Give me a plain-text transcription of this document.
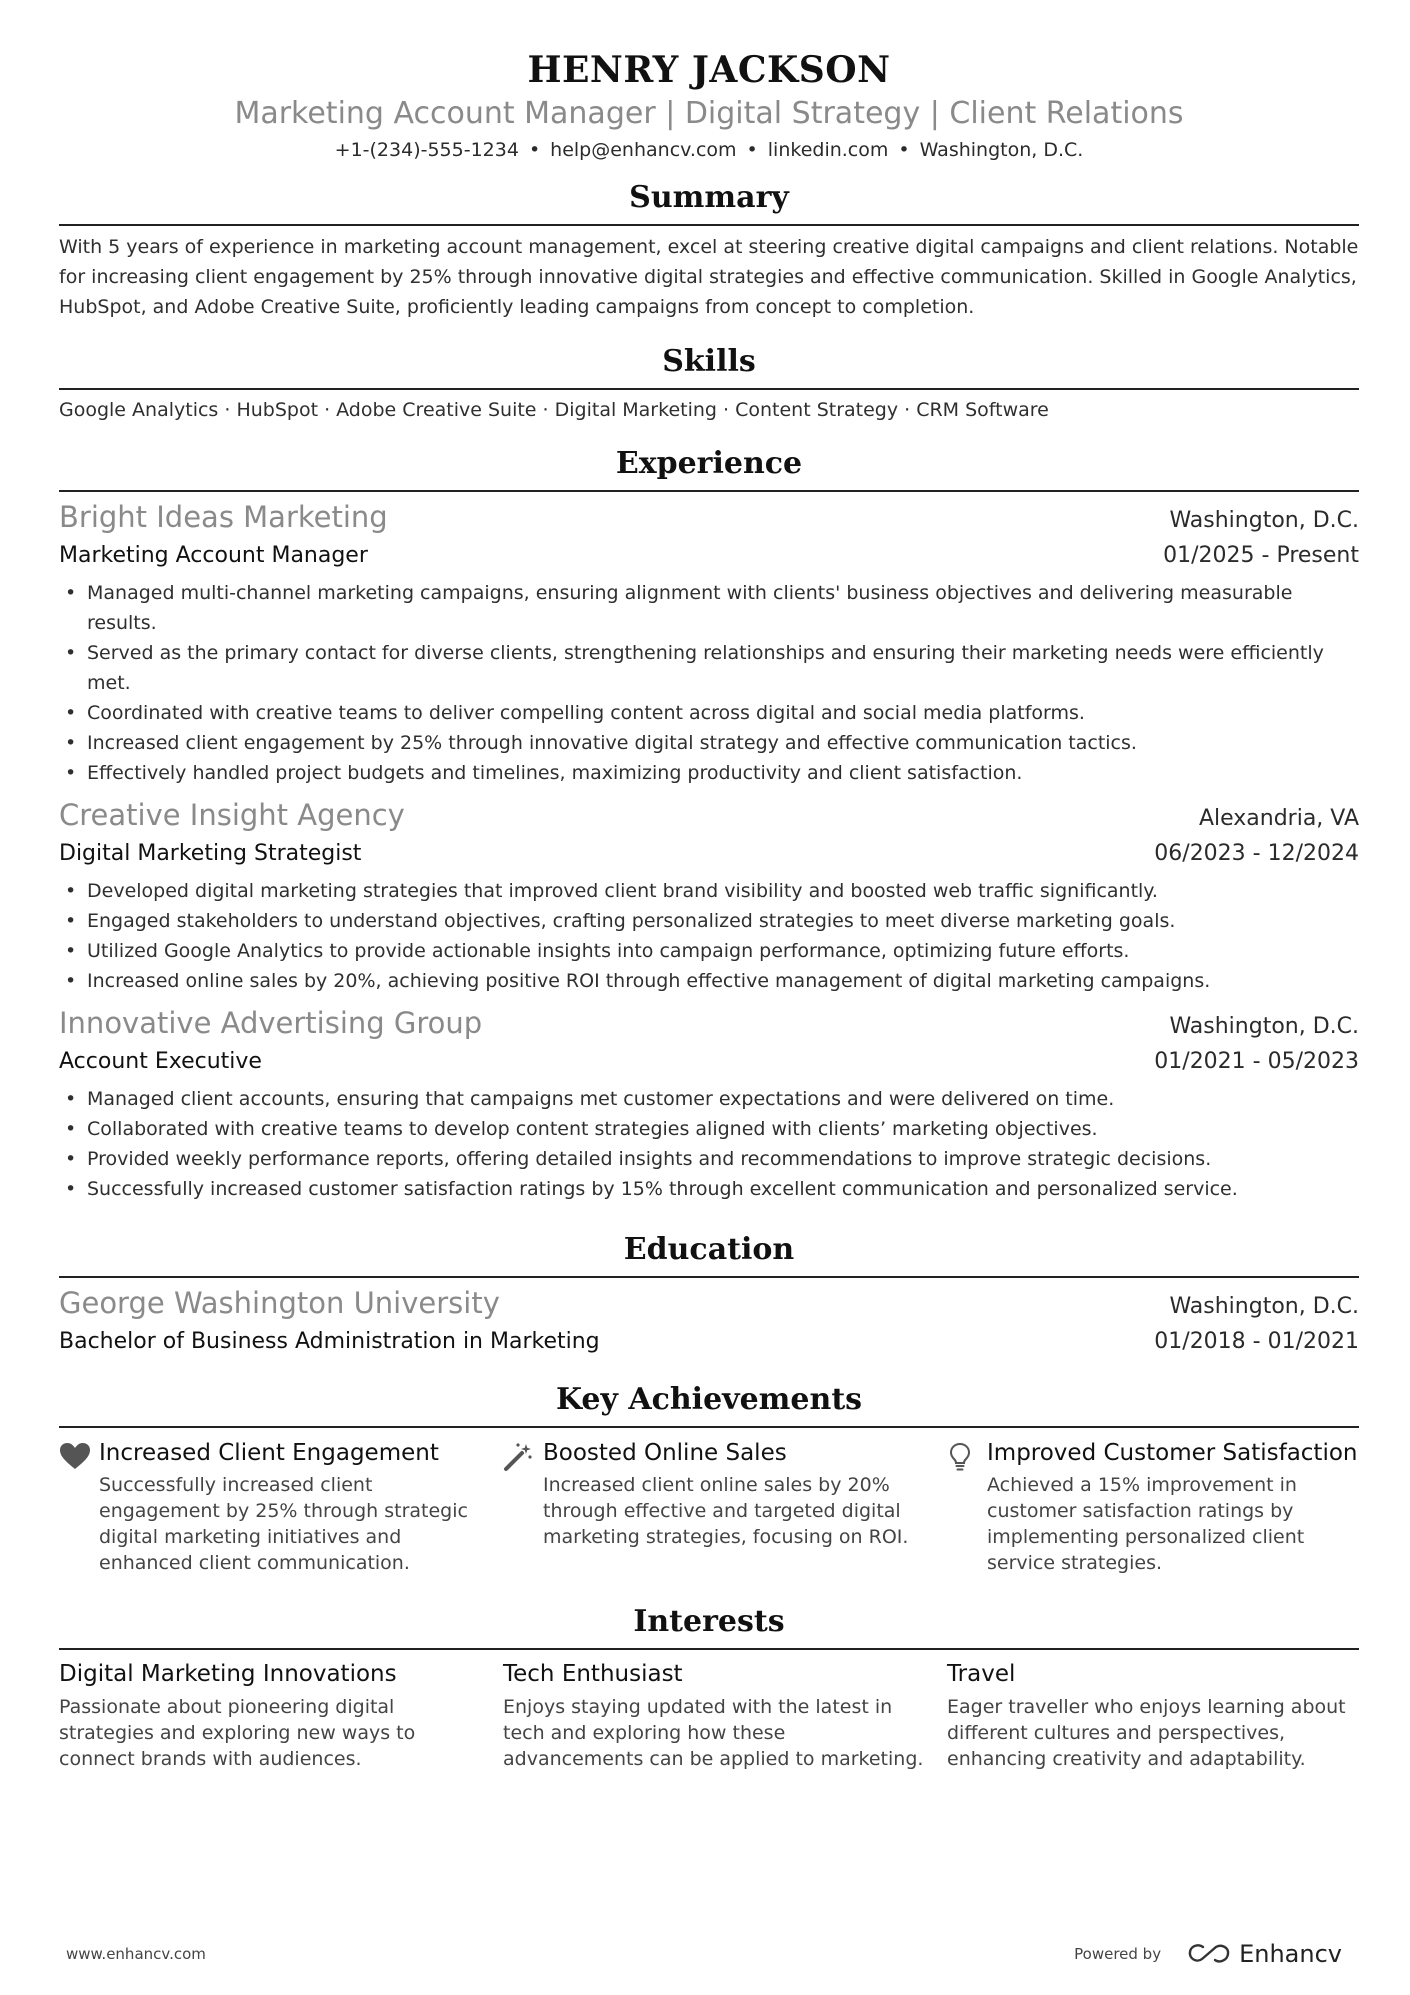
HENRY JACKSON
Marketing Account Manager | Digital Strategy | Client Relations
+1-(234)-555-1234 • help@enhancv.com • linkedin.com • Washington, D.C.
Summary
With 5 years of experience in marketing account management, excel at steering creative digital campaigns and client relations. Notable for increasing client engagement by 25% through innovative digital strategies and effective communication. Skilled in Google Analytics, HubSpot, and Adobe Creative Suite, proficiently leading campaigns from concept to completion.
Skills
Google Analytics · HubSpot · Adobe Creative Suite · Digital Marketing · Content Strategy · CRM Software
Experience
Bright Ideas Marketing	Washington, D.C.
Marketing Account Manager	01/2025 - Present
• Managed multi-channel marketing campaigns, ensuring alignment with clients' business objectives and delivering measurable results.
• Served as the primary contact for diverse clients, strengthening relationships and ensuring their marketing needs were efficiently met.
• Coordinated with creative teams to deliver compelling content across digital and social media platforms.
• Increased client engagement by 25% through innovative digital strategy and effective communication tactics.
• Effectively handled project budgets and timelines, maximizing productivity and client satisfaction.
Creative Insight Agency	Alexandria, VA
Digital Marketing Strategist	06/2023 - 12/2024
• Developed digital marketing strategies that improved client brand visibility and boosted web traffic significantly.
• Engaged stakeholders to understand objectives, crafting personalized strategies to meet diverse marketing goals.
• Utilized Google Analytics to provide actionable insights into campaign performance, optimizing future efforts.
• Increased online sales by 20%, achieving positive ROI through effective management of digital marketing campaigns.
Innovative Advertising Group	Washington, D.C.
Account Executive	01/2021 - 05/2023
• Managed client accounts, ensuring that campaigns met customer expectations and were delivered on time.
• Collaborated with creative teams to develop content strategies aligned with clients’ marketing objectives.
• Provided weekly performance reports, offering detailed insights and recommendations to improve strategic decisions.
• Successfully increased customer satisfaction ratings by 15% through excellent communication and personalized service.
Education
George Washington University	Washington, D.C.
Bachelor of Business Administration in Marketing	01/2018 - 01/2021
Key Achievements
Increased Client Engagement
Successfully increased client engagement by 25% through strategic digital marketing initiatives and enhanced client communication.
Boosted Online Sales
Increased client online sales by 20% through effective and targeted digital marketing strategies, focusing on ROI.
Improved Customer Satisfaction
Achieved a 15% improvement in customer satisfaction ratings by implementing personalized client service strategies.
Interests
Digital Marketing Innovations
Passionate about pioneering digital strategies and exploring new ways to connect brands with audiences.
Tech Enthusiast
Enjoys staying updated with the latest in tech and exploring how these advancements can be applied to marketing.
Travel
Eager traveller who enjoys learning about different cultures and perspectives, enhancing creativity and adaptability.
www.enhancv.com	Powered by	Enhancv
